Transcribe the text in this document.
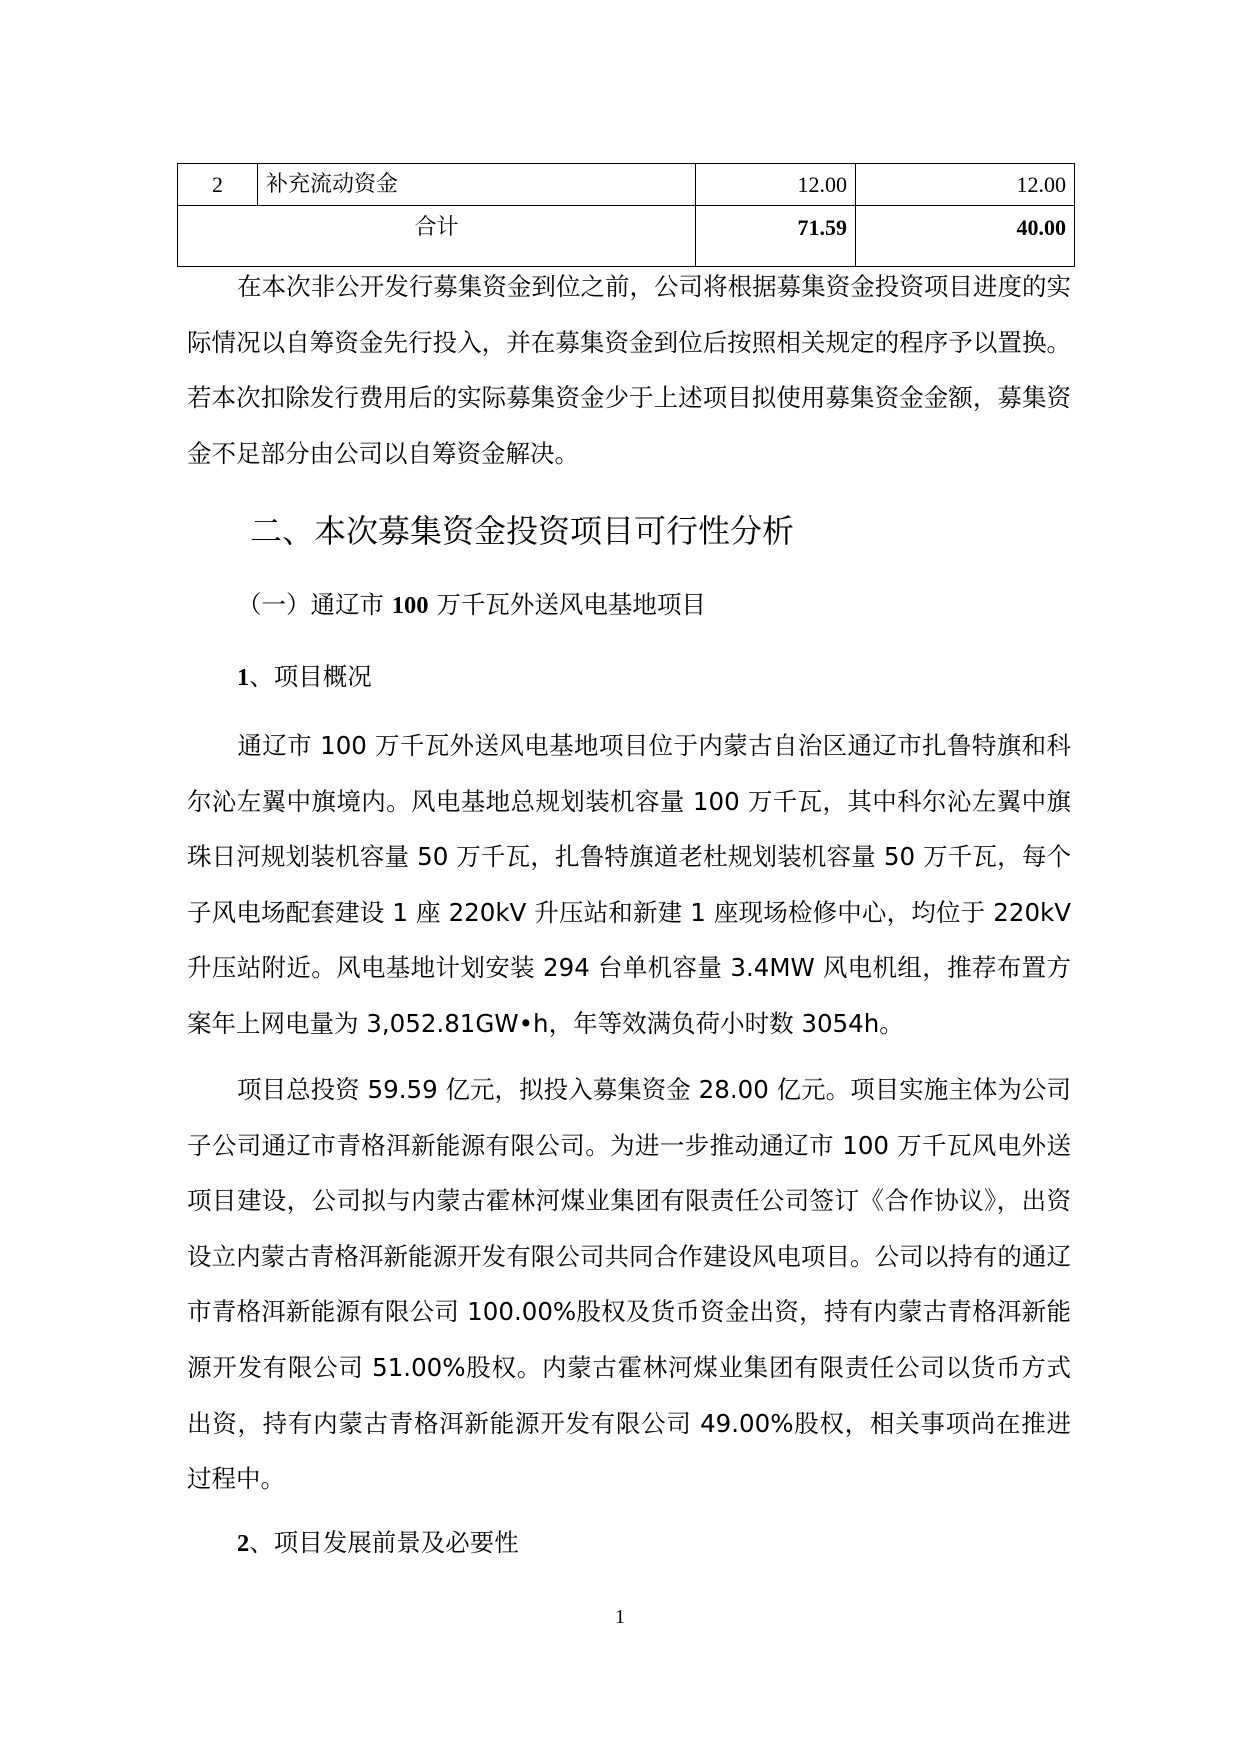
2	补充流动资金	12.00	12.00
合计		71.59	40.00

在本次非公开发行募集资金到位之前，公司将根据募集资金投资项目进度的实际情况以自筹资金先行投入，并在募集资金到位后按照相关规定的程序予以置换。若本次扣除发行费用后的实际募集资金少于上述项目拟使用募集资金金额，募集资金不足部分由公司以自筹资金解决。

二、本次募集资金投资项目可行性分析

（一）通辽市 100 万千瓦外送风电基地项目

1、项目概况

通辽市 100 万千瓦外送风电基地项目位于内蒙古自治区通辽市扎鲁特旗和科尔沁左翼中旗境内。风电基地总规划装机容量 100 万千瓦，其中科尔沁左翼中旗珠日河规划装机容量 50 万千瓦，扎鲁特旗道老杜规划装机容量 50 万千瓦，每个子风电场配套建设 1 座 220kV 升压站和新建 1 座现场检修中心，均位于 220kV 升压站附近。风电基地计划安装 294 台单机容量 3.4MW 风电机组，推荐布置方案年上网电量为 3,052.81GW•h，年等效满负荷小时数 3054h。

项目总投资 59.59 亿元，拟投入募集资金 28.00 亿元。项目实施主体为公司子公司通辽市青格洱新能源有限公司。为进一步推动通辽市 100 万千瓦风电外送项目建设，公司拟与内蒙古霍林河煤业集团有限责任公司签订《合作协议》，出资设立内蒙古青格洱新能源开发有限公司共同合作建设风电项目。公司以持有的通辽市青格洱新能源有限公司 100.00%股权及货币资金出资，持有内蒙古青格洱新能源开发有限公司 51.00%股权。内蒙古霍林河煤业集团有限责任公司以货币方式出资，持有内蒙古青格洱新能源开发有限公司 49.00%股权，相关事项尚在推进过程中。

2、项目发展前景及必要性

1
